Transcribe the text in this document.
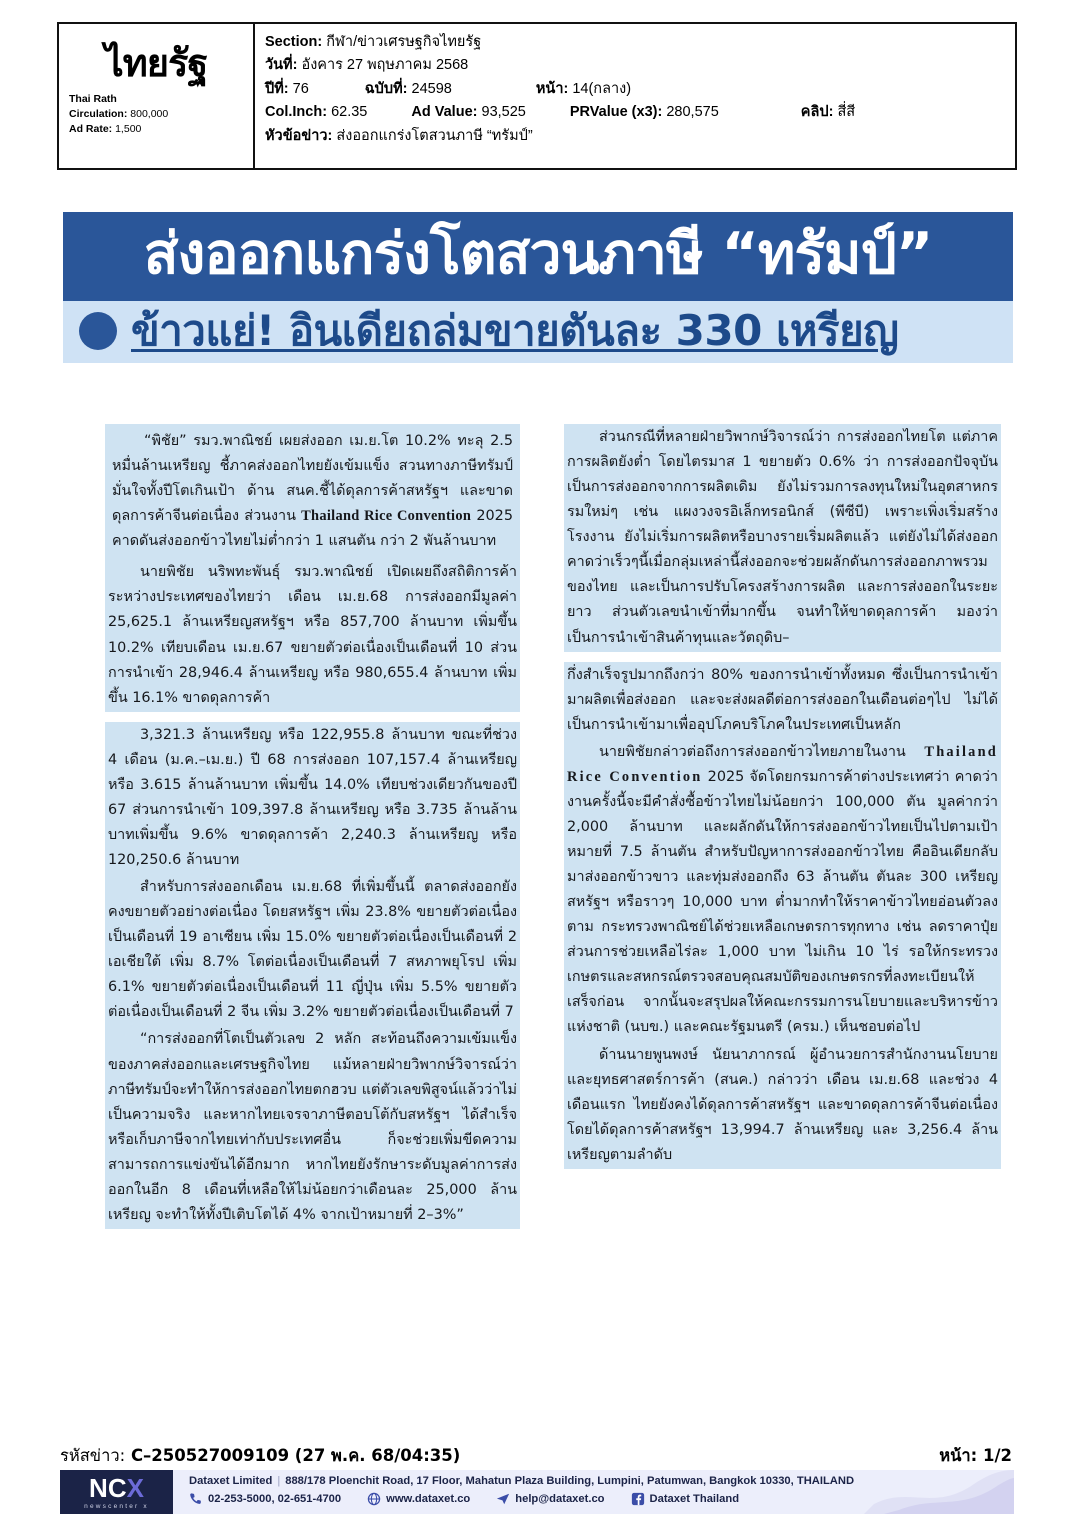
ไทยรัฐ
Thai Rath
Circulation: 800,000
Ad Rate: 1,500
Section: กีฬา/ข่าวเศรษฐกิจไทยรัฐ
วันที่: อังคาร 27 พฤษภาคม 2568
ปีที่: 76	ฉบับที่: 24598	หน้า: 14(กลาง)
Col.Inch: 62.35	Ad Value: 93,525	PRValue (x3): 280,575	คลิป: สี่สี
หัวข้อข่าว: ส่งออกแกร่งโตสวนภาษี “ทรัมป์”
ส่งออกแกร่งโตสวนภาษี “ทรัมป์”
ข้าวแย่! อินเดียถล่มขายตันละ 330 เหรียญ

“พิชัย” รมว.พาณิชย์ เผยส่งออก เม.ย.โต 10.2% ทะลุ 2.5 หมื่นล้านเหรียญ ชี้ภาคส่งออกไทยยังเข้มแข็ง สวนทางภาษีทรัมป์ มั่นใจทั้งปีโตเกินเป้า ด้าน สนค.ชี้ได้ดุลการค้าสหรัฐฯ และขาดดุลการค้าจีนต่อเนื่อง ส่วนงาน Thailand Rice Convention 2025 คาดดันส่งออกข้าวไทยไม่ต่ำกว่า 1 แสนตัน กว่า 2 พันล้านบาท

นายพิชัย นริพทะพันธุ์ รมว.พาณิชย์ เปิดเผยถึงสถิติการค้าระหว่างประเทศของไทยว่า เดือน เม.ย.68 การส่งออกมีมูลค่า 25,625.1 ล้านเหรียญสหรัฐฯ หรือ 857,700 ล้านบาท เพิ่มขึ้น 10.2% เทียบเดือน เม.ย.67 ขยายตัวต่อเนื่องเป็นเดือนที่ 10 ส่วนการนำเข้า 28,946.4 ล้านเหรียญ หรือ 980,655.4 ล้านบาท เพิ่มขึ้น 16.1% ขาดดุลการค้า

3,321.3 ล้านเหรียญ หรือ 122,955.8 ล้านบาท ขณะที่ช่วง 4 เดือน (ม.ค.–เม.ย.) ปี 68 การส่งออก 107,157.4 ล้านเหรียญ หรือ 3.615 ล้านล้านบาท เพิ่มขึ้น 14.0% เทียบช่วงเดียวกันของปี 67 ส่วนการนำเข้า 109,397.8 ล้านเหรียญ หรือ 3.735 ล้านล้านบาทเพิ่มขึ้น 9.6% ขาดดุลการค้า 2,240.3 ล้านเหรียญ หรือ 120,250.6 ล้านบาท

สำหรับการส่งออกเดือน เม.ย.68 ที่เพิ่มขึ้นนี้ ตลาดส่งออกยังคงขยายตัวอย่างต่อเนื่อง โดยสหรัฐฯ เพิ่ม 23.8% ขยายตัวต่อเนื่องเป็นเดือนที่ 19 อาเซียน เพิ่ม 15.0% ขยายตัวต่อเนื่องเป็นเดือนที่ 2 เอเชียใต้ เพิ่ม 8.7% โตต่อเนื่องเป็นเดือนที่ 7 สหภาพยุโรป เพิ่ม 6.1% ขยายตัวต่อเนื่องเป็นเดือนที่ 11 ญี่ปุ่น เพิ่ม 5.5% ขยายตัวต่อเนื่องเป็นเดือนที่ 2 จีน เพิ่ม 3.2% ขยายตัวต่อเนื่องเป็นเดือนที่ 7

“การส่งออกที่โตเป็นตัวเลข 2 หลัก สะท้อนถึงความเข้มแข็งของภาคส่งออกและเศรษฐกิจไทย แม้หลายฝ่ายวิพากษ์วิจารณ์ว่า ภาษีทรัมป์จะทำให้การส่งออกไทยตกฮวบ แต่ตัวเลขพิสูจน์แล้วว่าไม่เป็นความจริง และหากไทยเจรจาภาษีตอบโต้กับสหรัฐฯ ได้สำเร็จ หรือเก็บภาษีจากไทยเท่ากับประเทศอื่น ก็จะช่วยเพิ่มขีดความสามารถการแข่งขันได้อีกมาก หากไทยยังรักษาระดับมูลค่าการส่งออกในอีก 8 เดือนที่เหลือให้ไม่น้อยกว่าเดือนละ 25,000 ล้านเหรียญ จะทำให้ทั้งปีเติบโตได้ 4% จากเป้าหมายที่ 2–3%”

ส่วนกรณีที่หลายฝ่ายวิพากษ์วิจารณ์ว่า การส่งออกไทยโต แต่ภาคการผลิตยังต่ำ โดยไตรมาส 1 ขยายตัว 0.6% ว่า การส่งออกปัจจุบันเป็นการส่งออกจากการผลิตเดิม ยังไม่รวมการลงทุนใหม่ในอุตสาหกรรมใหม่ๆ เช่น แผงวงจรอิเล็กทรอนิกส์ (พีซีบี) เพราะเพิ่งเริ่มสร้างโรงงาน ยังไม่เริ่มการผลิตหรือบางรายเริ่มผลิตแล้ว แต่ยังไม่ได้ส่งออก คาดว่าเร็วๆนี้เมื่อกลุ่มเหล่านี้ส่งออกจะช่วยผลักดันการส่งออกภาพรวมของไทย และเป็นการปรับโครงสร้างการผลิต และการส่งออกในระยะยาว ส่วนตัวเลขนำเข้าที่มากขึ้น จนทำให้ขาดดุลการค้า มองว่าเป็นการนำเข้าสินค้าทุนและวัตถุดิบ–

กึ่งสำเร็จรูปมากถึงกว่า 80% ของการนำเข้าทั้งหมด ซึ่งเป็นการนำเข้ามาผลิตเพื่อส่งออก และจะส่งผลดีต่อการส่งออกในเดือนต่อๆไป ไม่ได้เป็นการนำเข้ามาเพื่ออุปโภคบริโภคในประเทศเป็นหลัก

นายพิชัยกล่าวต่อถึงการส่งออกข้าวไทยภายในงาน Thailand Rice Convention 2025 จัดโดยกรมการค้าต่างประเทศว่า คาดว่างานครั้งนี้จะมีคำสั่งซื้อข้าวไทยไม่น้อยกว่า 100,000 ตัน มูลค่ากว่า 2,000 ล้านบาท และผลักดันให้การส่งออกข้าวไทยเป็นไปตามเป้าหมายที่ 7.5 ล้านตัน สำหรับปัญหาการส่งออกข้าวไทย คืออินเดียกลับมาส่งออกข้าวขาว และทุ่มส่งออกถึง 63 ล้านตัน ตันละ 300 เหรียญสหรัฐฯ หรือราวๆ 10,000 บาท ต่ำมากทำให้ราคาข้าวไทยอ่อนตัวลงตาม กระทรวงพาณิชย์ได้ช่วยเหลือเกษตรการทุกทาง เช่น ลดราคาปุ๋ย ส่วนการช่วยเหลือไร่ละ 1,000 บาท ไม่เกิน 10 ไร่ รอให้กระทรวงเกษตรและสหกรณ์ตรวจสอบคุณสมบัติของเกษตรกรที่ลงทะเบียนให้เสร็จก่อน จากนั้นจะสรุปผลให้คณะกรรมการนโยบายและบริหารข้าวแห่งชาติ (นบข.) และคณะรัฐมนตรี (ครม.) เห็นชอบต่อไป

ด้านนายพูนพงษ์ นัยนาภากรณ์ ผู้อำนวยการสำนักงานนโยบายและยุทธศาสตร์การค้า (สนค.) กล่าวว่า เดือน เม.ย.68 และช่วง 4 เดือนแรก ไทยยังคงได้ดุลการค้าสหรัฐฯ และขาดดุลการค้าจีนต่อเนื่อง โดยได้ดุลการค้าสหรัฐฯ 13,994.7 ล้านเหรียญ และ 3,256.4 ล้านเหรียญตามลำดับ

รหัสข่าว: C–250527009109 (27 พ.ค. 68/04:35)	หน้า: 1/2
NCX
newscenter x
Dataxet Limited | 888/178 Ploenchit Road, 17 Floor, Mahatun Plaza Building, Lumpini, Patumwan, Bangkok 10330, THAILAND
02-253-5000, 02-651-4700	www.dataxet.co	help@dataxet.co	Dataxet Thailand
